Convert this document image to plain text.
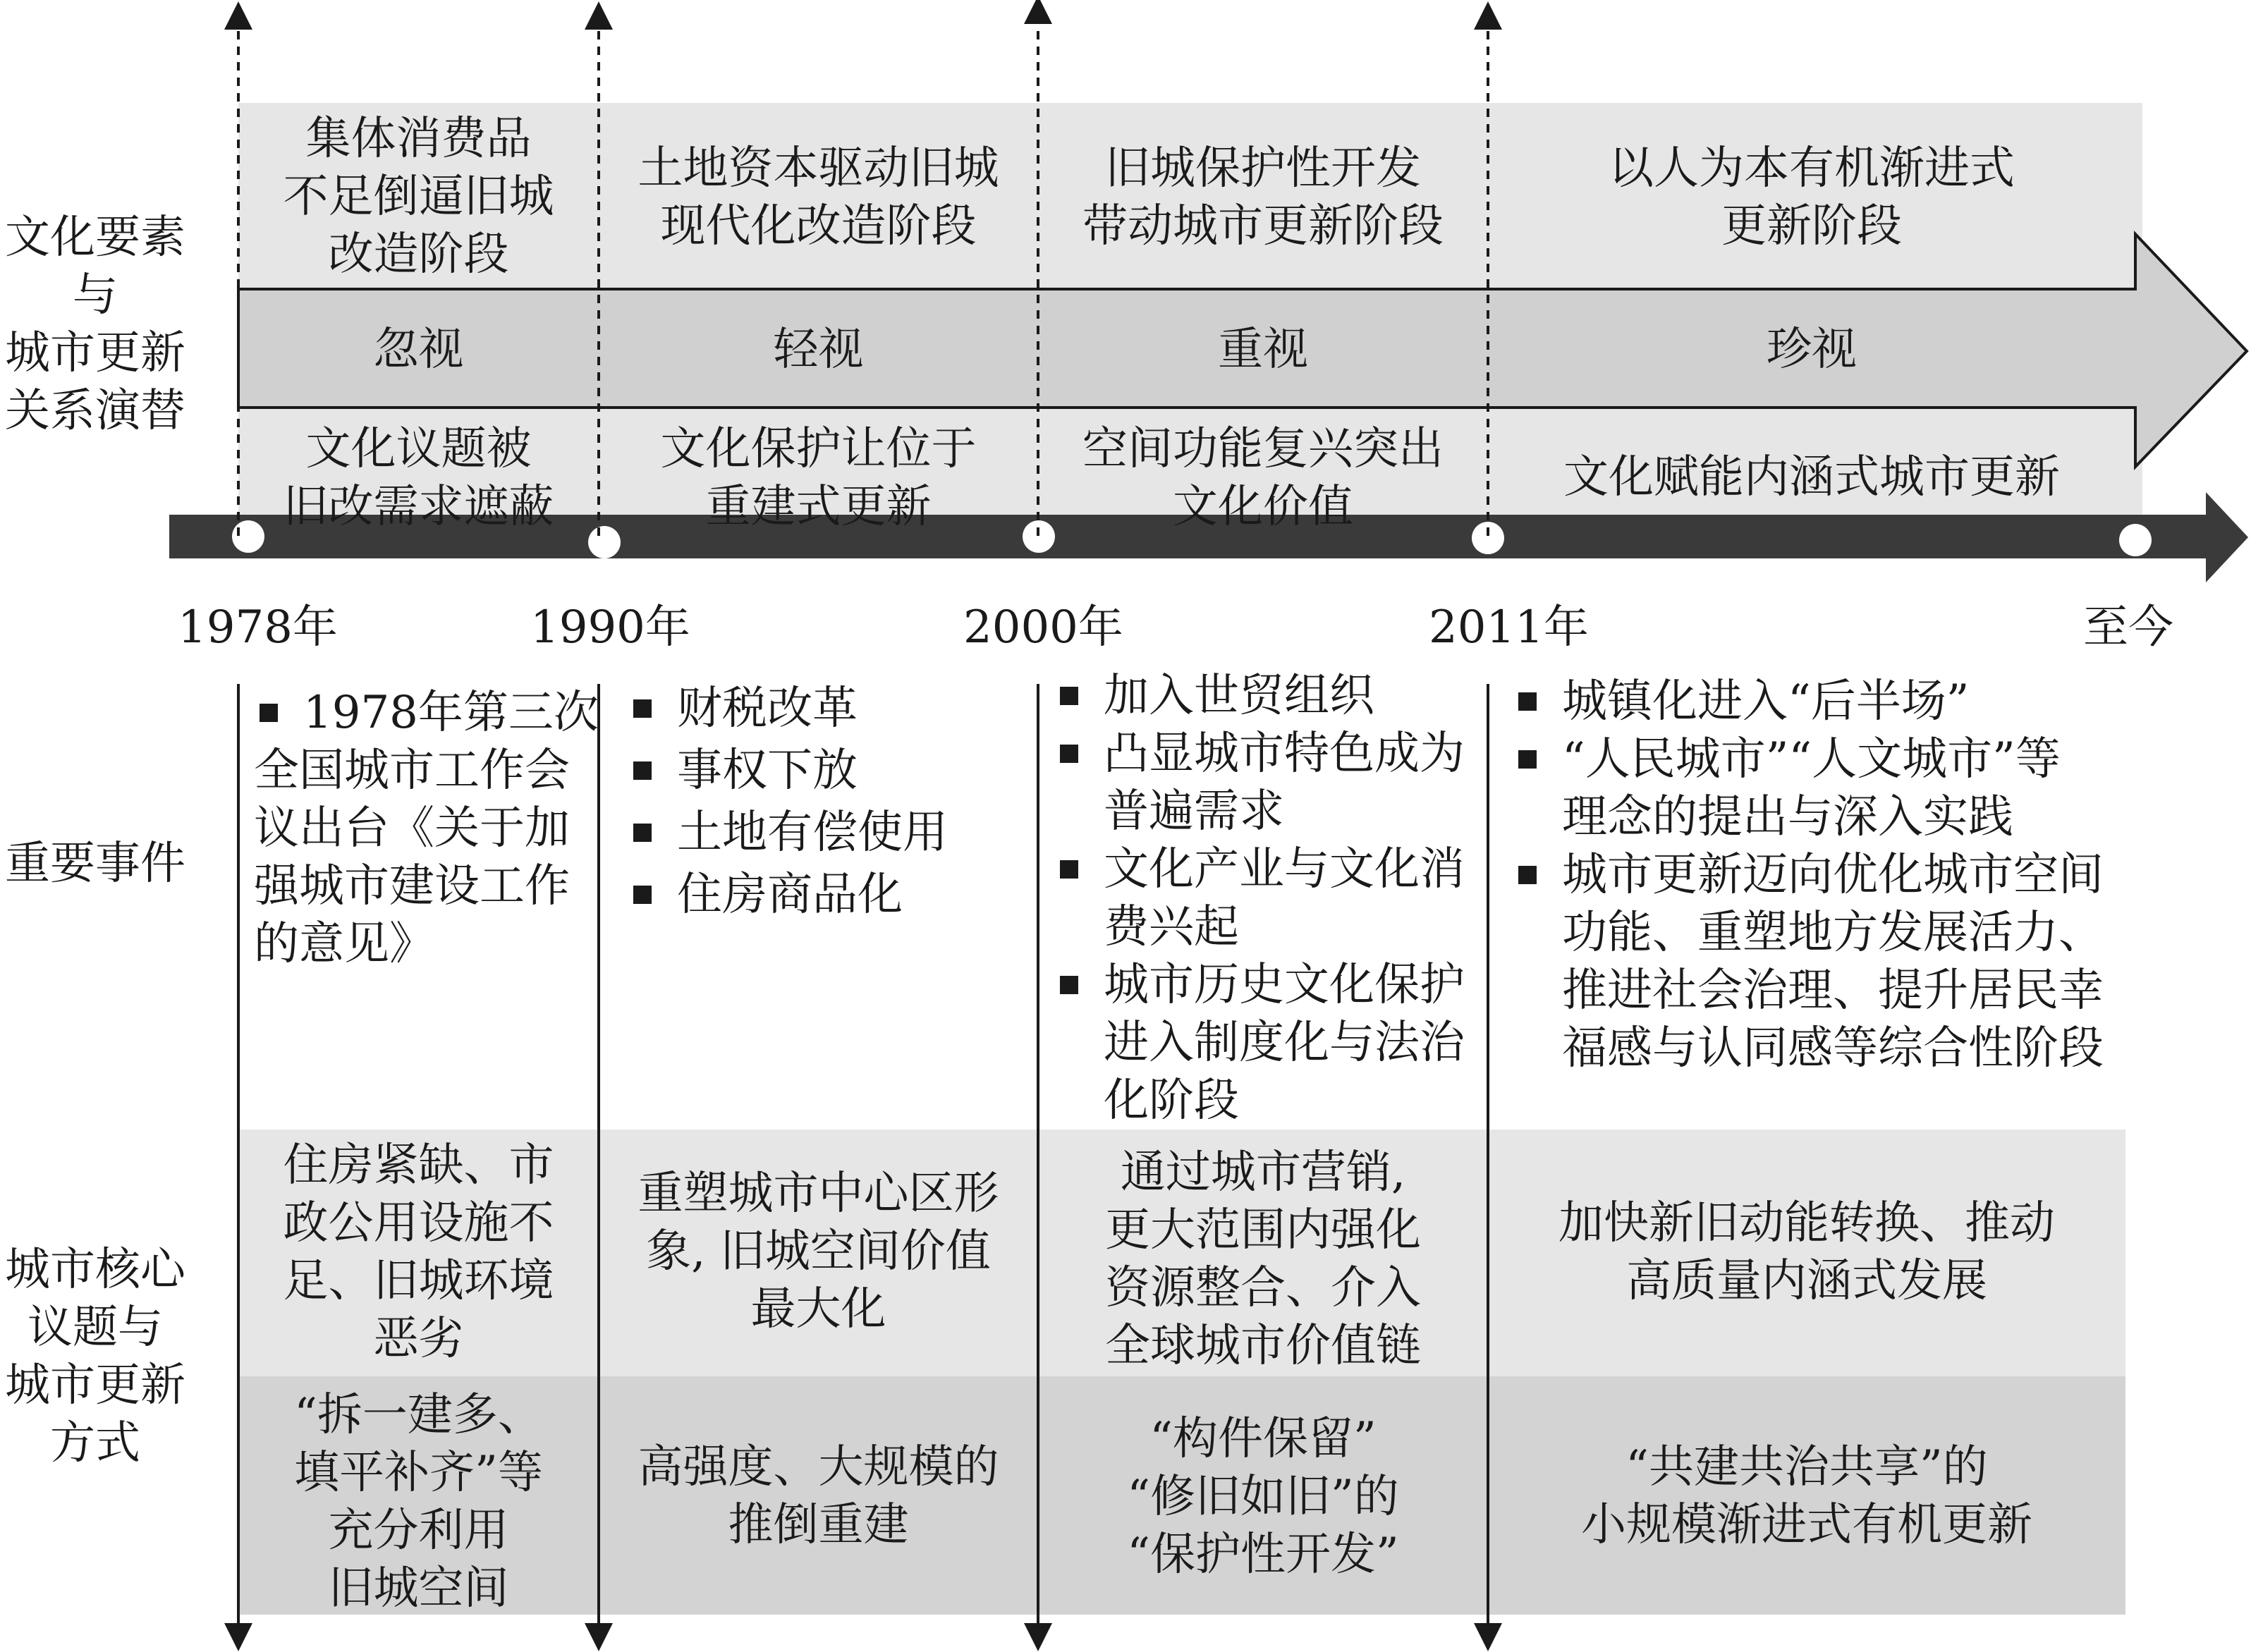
文化要素
与
城市更新
关系演替
重要事件
城市核心
议题与
城市更新
方式
集体消费品
不足倒逼旧城
改造阶段
忽视
文化议题被
旧改需求遮蔽
1978年
1978年第三次
全国城市工作会
议出台《关于加
强城市建设工作
的意见》
住房紧缺、市
政公用设施不
足、旧城环境
恶劣
“拆一建多、
填平补齐”等
充分利用
旧城空间
土地资本驱动旧城
现代化改造阶段
轻视
文化保护让位于
重建式更新
1990年
财税改革
事权下放
土地有偿使用
住房商品化
重塑城市中心区形
象, 旧城空间价值
最大化
高强度、大规模的
推倒重建
旧城保护性开发
带动城市更新阶段
重视
空间功能复兴突出
文化价值
2000年
加入世贸组织
凸显城市特色成为
普遍需求
文化产业与文化消
费兴起
城市历史文化保护
进入制度化与法治
化阶段
通过城市营销,
更大范围内强化
资源整合、介入
全球城市价值链
“构件保留”
“修旧如旧”的
“保护性开发”
以人为本有机渐进式
更新阶段
珍视
文化赋能内涵式城市更新
2011年	至今
城镇化进入“后半场”
“人民城市”“人文城市”等
理念的提出与深入实践
城市更新迈向优化城市空间
功能、重塑地方发展活力、
推进社会治理、提升居民幸
福感与认同感等综合性阶段
加快新旧动能转换、推动
高质量内涵式发展
“共建共治共享”的
小规模渐进式有机更新
